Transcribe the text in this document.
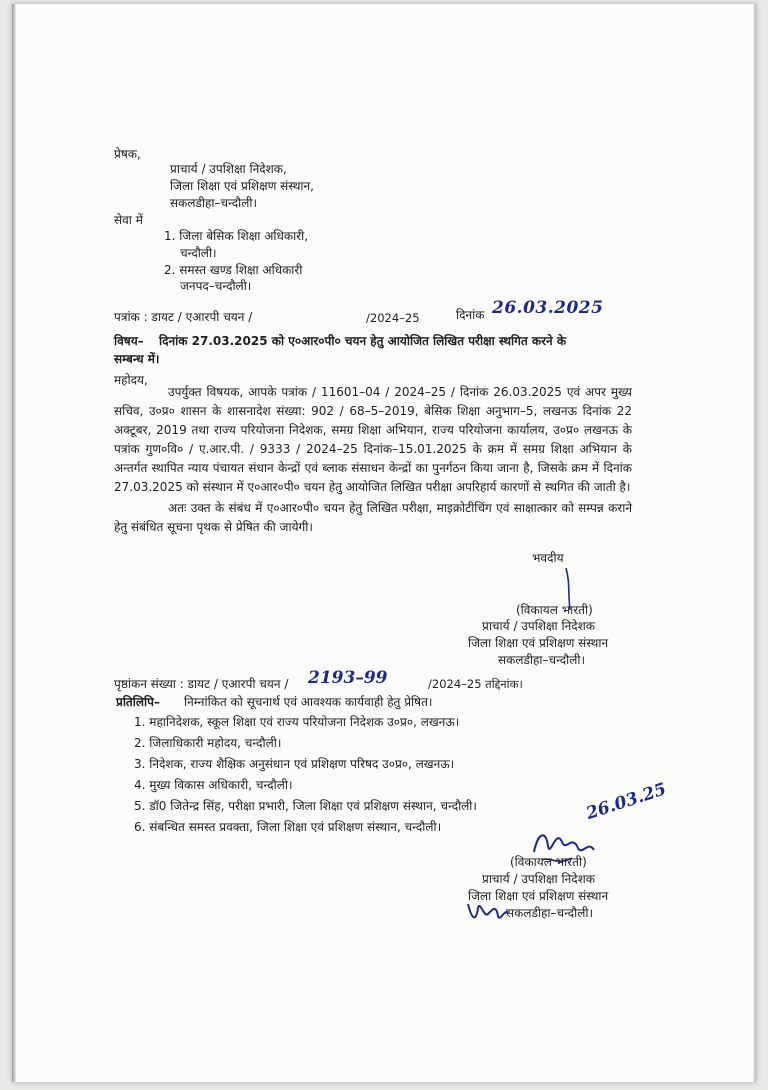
प्रेषक,
प्राचार्य / उपशिक्षा निदेशक,
जिला शिक्षा एवं प्रशिक्षण संस्थान,
सकलडीहा–चन्दौली।
सेवा में
1. जिला बेसिक शिक्षा अधिकारी,
चन्दौली।
2. समस्त खण्ड शिक्षा अधिकारी
जनपद–चन्दौली।
पत्रांक : डायट / एआरपी चयन /	/2024–25	दिनांक 26.03.2025
विषय– दिनांक 27.03.2025 को ए०आर०पी० चयन हेतु आयोजित लिखित परीक्षा स्थगित करने के
सम्बन्ध में।
महोदय,
उपर्युक्त विषयक, आपके पत्रांक / 11601–04 / 2024–25 / दिनांक 26.03.2025 एवं अपर मुख्य सचिव, उ०प्र० शासन के शासनादेश संख्या: 902 / 68–5–2019, बेसिक शिक्षा अनुभाग–5, लखनऊ दिनांक 22 अक्टूबर, 2019 तथा राज्य परियोजना निदेशक, समग्र शिक्षा अभियान, राज्य परियोजना कार्यालय, उ०प्र० लखनऊ के पत्रांक गुण०वि० / ए.आर.पी. / 9333 / 2024–25 दिनांक–15.01.2025 के क्रम में समग्र शिक्षा अभियान के अन्तर्गत स्थापित न्याय पंचायत संधान केन्द्रों एवं ब्लाक संसाधन केन्द्रों का पुनर्गठन किया जाना है, जिसके क्रम में दिनांक 27.03.2025 को संस्थान में ए०आर०पी० चयन हेतु आयोजित लिखित परीक्षा अपरिहार्य कारणों से स्थगित की जाती है।
अतः उक्त के संबंध में ए०आर०पी० चयन हेतु लिखित परीक्षा, माइक्रोटीचिंग एवं साक्षात्कार को सम्पन्न कराने हेतु संबंधित सूचना पृथक से प्रेषित की जायेगी।
भवदीय
(विकायल भारती)
प्राचार्य / उपशिक्षा निदेशक
जिला शिक्षा एवं प्रशिक्षण संस्थान
सकलडीहा–चन्दौली।
पृष्ठांकन संख्या : डायट / एआरपी चयन / 2193–99	/2024–25 तद्दिनांक।
प्रतिलिपि– निम्नांकित को सूचनार्थ एवं आवश्यक कार्यवाही हेतु प्रेषित।
1. महानिदेशक, स्कूल शिक्षा एवं राज्य परियोजना निदेशक उ०प्र०, लखनऊ।
2. जिलाधिकारी महोदय, चन्दौली।
3. निदेशक, राज्य शैक्षिक अनुसंधान एवं प्रशिक्षण परिषद उ०प्र०, लखनऊ।
4. मुख्य विकास अधिकारी, चन्दौली।
5. डॉ0 जितेन्द्र सिंह, परीक्षा प्रभारी, जिला शिक्षा एवं प्रशिक्षण संस्थान, चन्दौली।
6. संबन्धित समस्त प्रवक्ता, जिला शिक्षा एवं प्रशिक्षण संस्थान, चन्दौली।
26.03.25
(विकायल भारती)
प्राचार्य / उपशिक्षा निदेशक
जिला शिक्षा एवं प्रशिक्षण संस्थान
सकलडीहा–चन्दौली।
